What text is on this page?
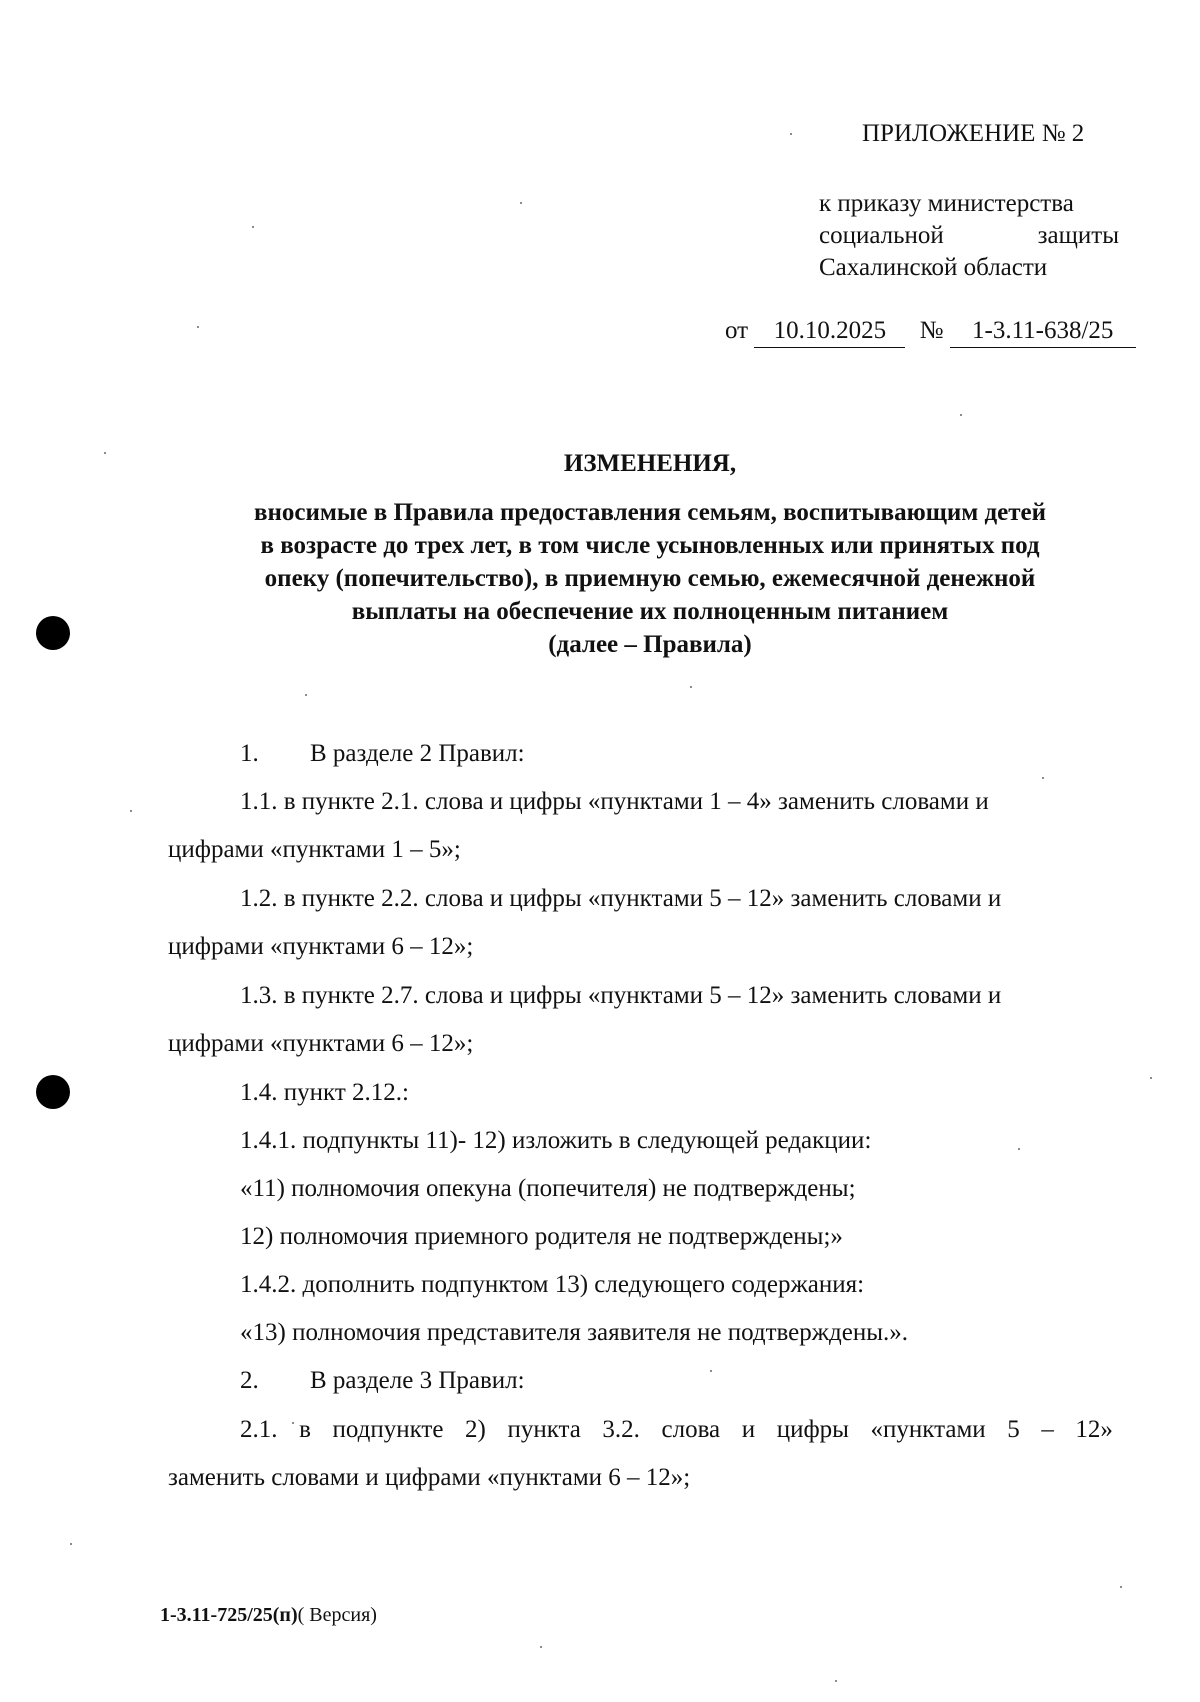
ПРИЛОЖЕНИЕ № 2
к приказу министерства
социальной	защиты
Сахалинской области
от 10.10.2025 № 1-3.11-638/25
ИЗМЕНЕНИЯ,
вносимые в Правила предоставления семьям, воспитывающим детей
в возрасте до трех лет, в том числе усыновленных или принятых под
опеку (попечительство), в приемную семью, ежемесячной денежной
выплаты на обеспечение их полноценным питанием
(далее – Правила)
1. В разделе 2 Правил:
1.1. в пункте 2.1. слова и цифры «пунктами 1 – 4» заменить словами и
цифрами «пунктами 1 – 5»;
1.2. в пункте 2.2. слова и цифры «пунктами 5 – 12» заменить словами и
цифрами «пунктами 6 – 12»;
1.3. в пункте 2.7. слова и цифры «пунктами 5 – 12» заменить словами и
цифрами «пунктами 6 – 12»;
1.4. пункт 2.12.:
1.4.1. подпункты 11)- 12) изложить в следующей редакции:
«11) полномочия опекуна (попечителя) не подтверждены;
12) полномочия приемного родителя не подтверждены;»
1.4.2. дополнить подпунктом 13) следующего содержания:
«13) полномочия представителя заявителя не подтверждены.».
2. В разделе 3 Правил:
2.1. в подпункте 2) пункта 3.2. слова и цифры «пунктами 5 – 12»
заменить словами и цифрами «пунктами 6 – 12»;
1-3.11-725/25(п)( Версия)
